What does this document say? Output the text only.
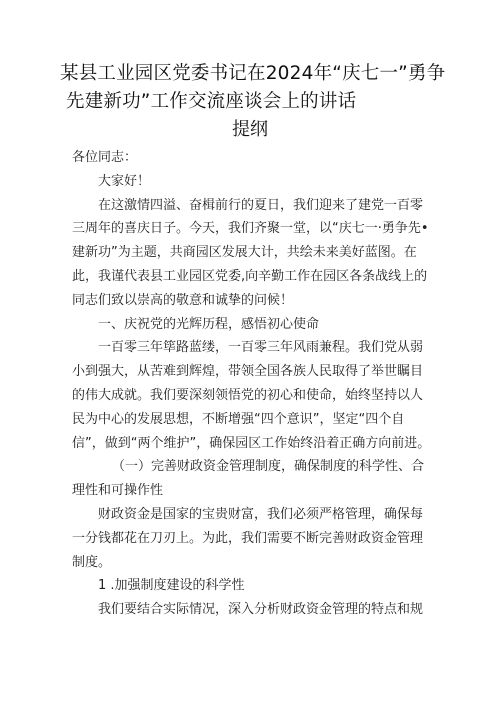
某县工业园区党委书记在2024年“庆七一”勇争
先建新功”工作交流座谈会上的讲话
提纲

各位同志：

大家好！

在这激情四溢、奋楫前行的夏日，我们迎来了建党一百零三周年的喜庆日子。今天，我们齐聚一堂，以“庆七一·勇争先•建新功”为主题，共商园区发展大计，共绘未来美好蓝图。在此，我谨代表县工业园区党委,向辛勤工作在园区各条战线上的同志们致以崇高的敬意和诚挚的问候！

一、庆祝党的光辉历程，感悟初心使命

一百零三年筚路蓝缕，一百零三年风雨兼程。我们党从弱小到强大，从苦难到辉煌，带领全国各族人民取得了举世瞩目的伟大成就。我们要深刻领悟党的初心和使命，始终坚持以人民为中心的发展思想，不断增强“四个意识”，坚定“四个自信”，做到“两个维护”，确保园区工作始终沿着正确方向前进。

（一）完善财政资金管理制度，确保制度的科学性、合理性和可操作性

财政资金是国家的宝贵财富，我们必须严格管理，确保每一分钱都花在刀刃上。为此，我们需要不断完善财政资金管理制度。

1 .加强制度建设的科学性

我们要结合实际情况，深入分析财政资金管理的特点和规
